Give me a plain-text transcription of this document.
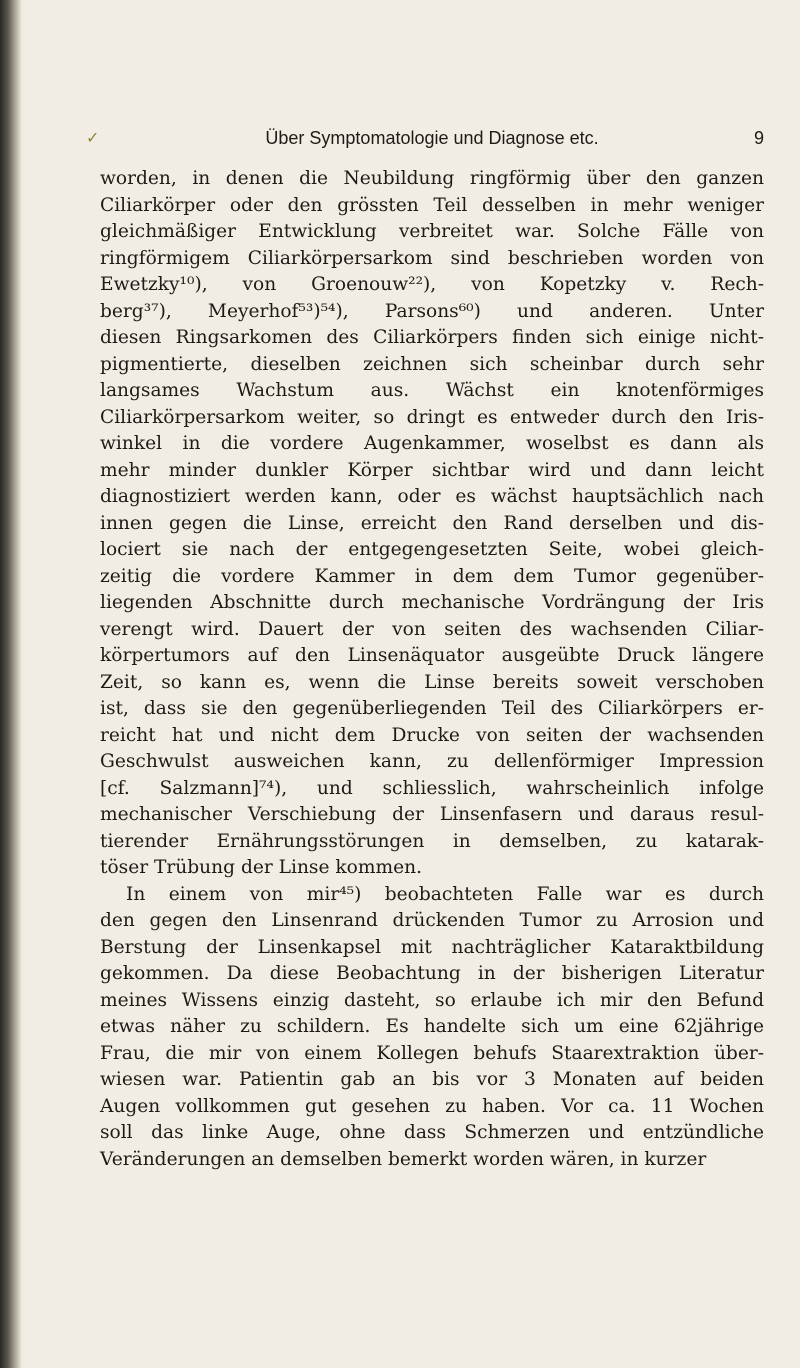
✓	Über Symptomatologie und Diagnose etc.	9
worden, in denen die Neubildung ringförmig über den ganzen
Ciliarkörper oder den grössten Teil desselben in mehr weniger
gleichmäßiger Entwicklung verbreitet war. Solche Fälle von
ringförmigem Ciliarkörpersarkom sind beschrieben worden von
Ewetzky¹⁰), von Groenouw²²), von Kopetzky v. Rech-
berg³⁷), Meyerhof⁵³)⁵⁴), Parsons⁶⁰) und anderen. Unter
diesen Ringsarkomen des Ciliarkörpers finden sich einige nicht-
pigmentierte, dieselben zeichnen sich scheinbar durch sehr
langsames Wachstum aus. Wächst ein knotenförmiges
Ciliarkörpersarkom weiter, so dringt es entweder durch den Iris-
winkel in die vordere Augenkammer, woselbst es dann als
mehr minder dunkler Körper sichtbar wird und dann leicht
diagnostiziert werden kann, oder es wächst hauptsächlich nach
innen gegen die Linse, erreicht den Rand derselben und dis-
lociert sie nach der entgegengesetzten Seite, wobei gleich-
zeitig die vordere Kammer in dem dem Tumor gegenüber-
liegenden Abschnitte durch mechanische Vordrängung der Iris
verengt wird. Dauert der von seiten des wachsenden Ciliar-
körpertumors auf den Linsenäquator ausgeübte Druck längere
Zeit, so kann es, wenn die Linse bereits soweit verschoben
ist, dass sie den gegenüberliegenden Teil des Ciliarkörpers er-
reicht hat und nicht dem Drucke von seiten der wachsenden
Geschwulst ausweichen kann, zu dellenförmiger Impression
[cf. Salzmann]⁷⁴), und schliesslich, wahrscheinlich infolge
mechanischer Verschiebung der Linsenfasern und daraus resul-
tierender Ernährungsstörungen in demselben, zu katarak-
töser Trübung der Linse kommen.
In einem von mir⁴⁵) beobachteten Falle war es durch
den gegen den Linsenrand drückenden Tumor zu Arrosion und
Berstung der Linsenkapsel mit nachträglicher Kataraktbildung
gekommen. Da diese Beobachtung in der bisherigen Literatur
meines Wissens einzig dasteht, so erlaube ich mir den Befund
etwas näher zu schildern. Es handelte sich um eine 62jährige
Frau, die mir von einem Kollegen behufs Staarextraktion über-
wiesen war. Patientin gab an bis vor 3 Monaten auf beiden
Augen vollkommen gut gesehen zu haben. Vor ca. 11 Wochen
soll das linke Auge, ohne dass Schmerzen und entzündliche
Veränderungen an demselben bemerkt worden wären, in kurzer
